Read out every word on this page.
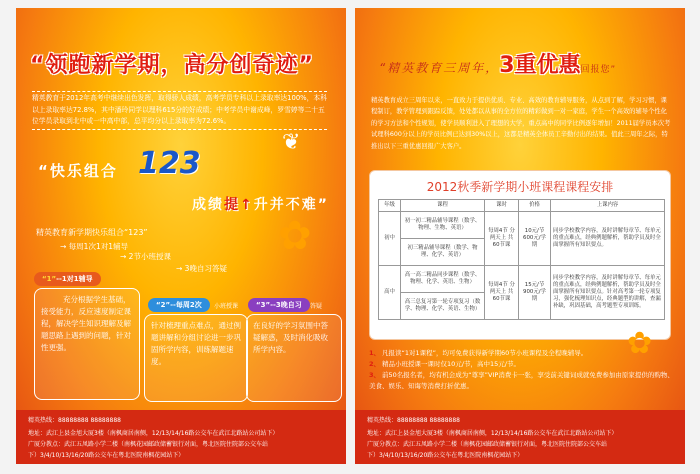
“领跑新学期，高分创奇迹”
精英教育于2012年高考中继续出色发挥，取得骄人成绩，高考学员专科以上录取率达100%，本科以上录取率达72.8%，其中潘玲同学以理科615分的好成绩；中考学员中谢成峰，罗雪婷等二十五位学员录取到北中或一中高中部，总平均分以上录取率为72.6%。
❦
“快乐组合 123
成绩提↑升并不难”
✿
精英教育新学期快乐组合“123”
→ 每周1次1对1辅导
→ 2节小班授课
→ 3晚自习答疑
“1”--1对1辅导
充分根据学生基础，接受能力，反应速度制定课程，解决学生知识理解及解题思路上遇到的问题，针对性更强。
“2”--每周2次	小班授课
针对梳理重点难点，通过例题讲解和分组讨论进一步巩固所学内容，训练解题速度。
“3”--3晚自习	答疑
在良好的学习氛围中答疑解惑，及时消化吸收所学内容。
精英热线：88888888 88888888
地址：武江上县金旭大厦3楼（南枫商居南侧，12/13/14/16路公交车在武江北路站公司站下）
广厦分教点：武江五凤路小学二楼（南枫花园邮政储蓄银行对面，粤北医院住院部公交车站
下）3/4/10/13/16/20路公交车在粤北医院南枫花园站下）
“精英教育三周年，3重优惠回报您”
精英教育成立三周年以来，一直致力于提供优质、专业、高效的教育辅导服务，从点到了解，学习习惯，课程制订，教学管理到跟踪反馈，处处都以从事的全方位的精彩做到一对一家庭，学生一个高效的辅导个性化的学习方法和个性规划，使学员顺利进入了理想的大学，重点高中的同学比例逐年增加！2011届学员本次考试理科600分以上的学员比例已达到30%以上，这都是精英全体员工辛勤付出的结果。值此三周年之际，特推出以下三重优惠回报广大客户。
2012秋季新学期小班课程课程安排
年级	课程	课时	价格	上课内容
初中	初一初二精品辅导课程（数学、物理、生物、英语）	每周4节 分两天上 共60节课	10元/节 600元/学期	同步学校教学内容，及时讲解每章节、每单元的重点难点，经典例题解析，帮助学员及时全面掌握所有知识要点。
	初三精品辅导课程（数学、物理、化学、英语）			
高中	高一高二精品同步课程（数学、物理、化学、英语、生物）	每周4节 分两天上 共60节课	15元/节 900元/学期	同步学校教学内容，及时讲解每章节、每单元的重点难点，经典例题解析，帮助学员及时全面掌握所有知识要点。针对高考第一轮专项复习，强化梳理知识点，经典题型的讲解，查漏补缺，巩固基础，高考题型专项训练。
	高三总复习第一轮专项复习（数学、物理、化学、英语、生物）			
✿
1、 凡报读“1对1课程”，均可免费获得新学期60节小班课程及全程晚辅导。
2、 精品小班授课一课时仅10元/节，高中15元/节。
3、 前50名报名者，均有机会成为“尊享”VIP消费卡一张，享受前关键词成就免费参加由原家提供的购物、美食、娱乐、知诲等消费打折优惠。
精英热线：88888888 88888888
地址：武江上县金旭大厦3楼（南枫商居南侧，12/13/14/16路公交车在武江北路站公司站下）
广厦分教点：武江五凤路小学二楼（南枫花园邮政储蓄银行对面，粤北医院住院部公交车站
下）3/4/10/13/16/20路公交车在粤北医院南枫花园站下）
